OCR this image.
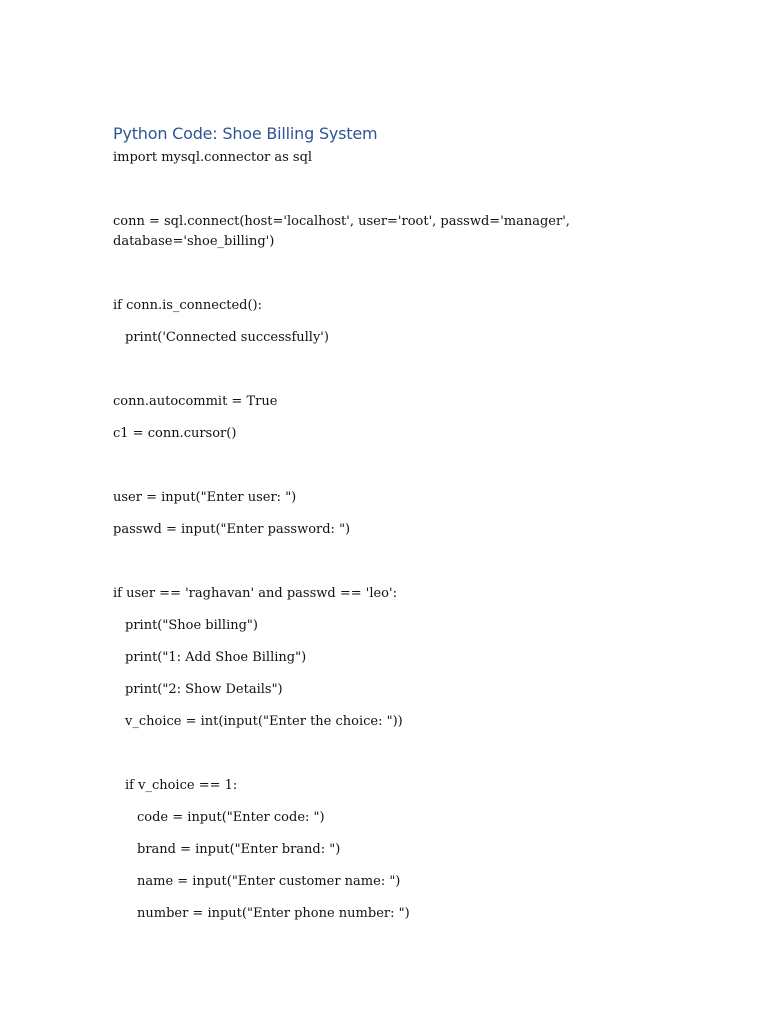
Python Code: Shoe Billing System
import mysql.connector as sql
conn = sql.connect(host='localhost', user='root', passwd='manager',
database='shoe_billing')
if conn.is_connected():
print('Connected successfully')
conn.autocommit = True
c1 = conn.cursor()
user = input("Enter user: ")
passwd = input("Enter password: ")
if user == 'raghavan' and passwd == 'leo':
print("Shoe billing")
print("1: Add Shoe Billing")
print("2: Show Details")
v_choice = int(input("Enter the choice: "))
if v_choice == 1:
code = input("Enter code: ")
brand = input("Enter brand: ")
name = input("Enter customer name: ")
number = input("Enter phone number: ")
